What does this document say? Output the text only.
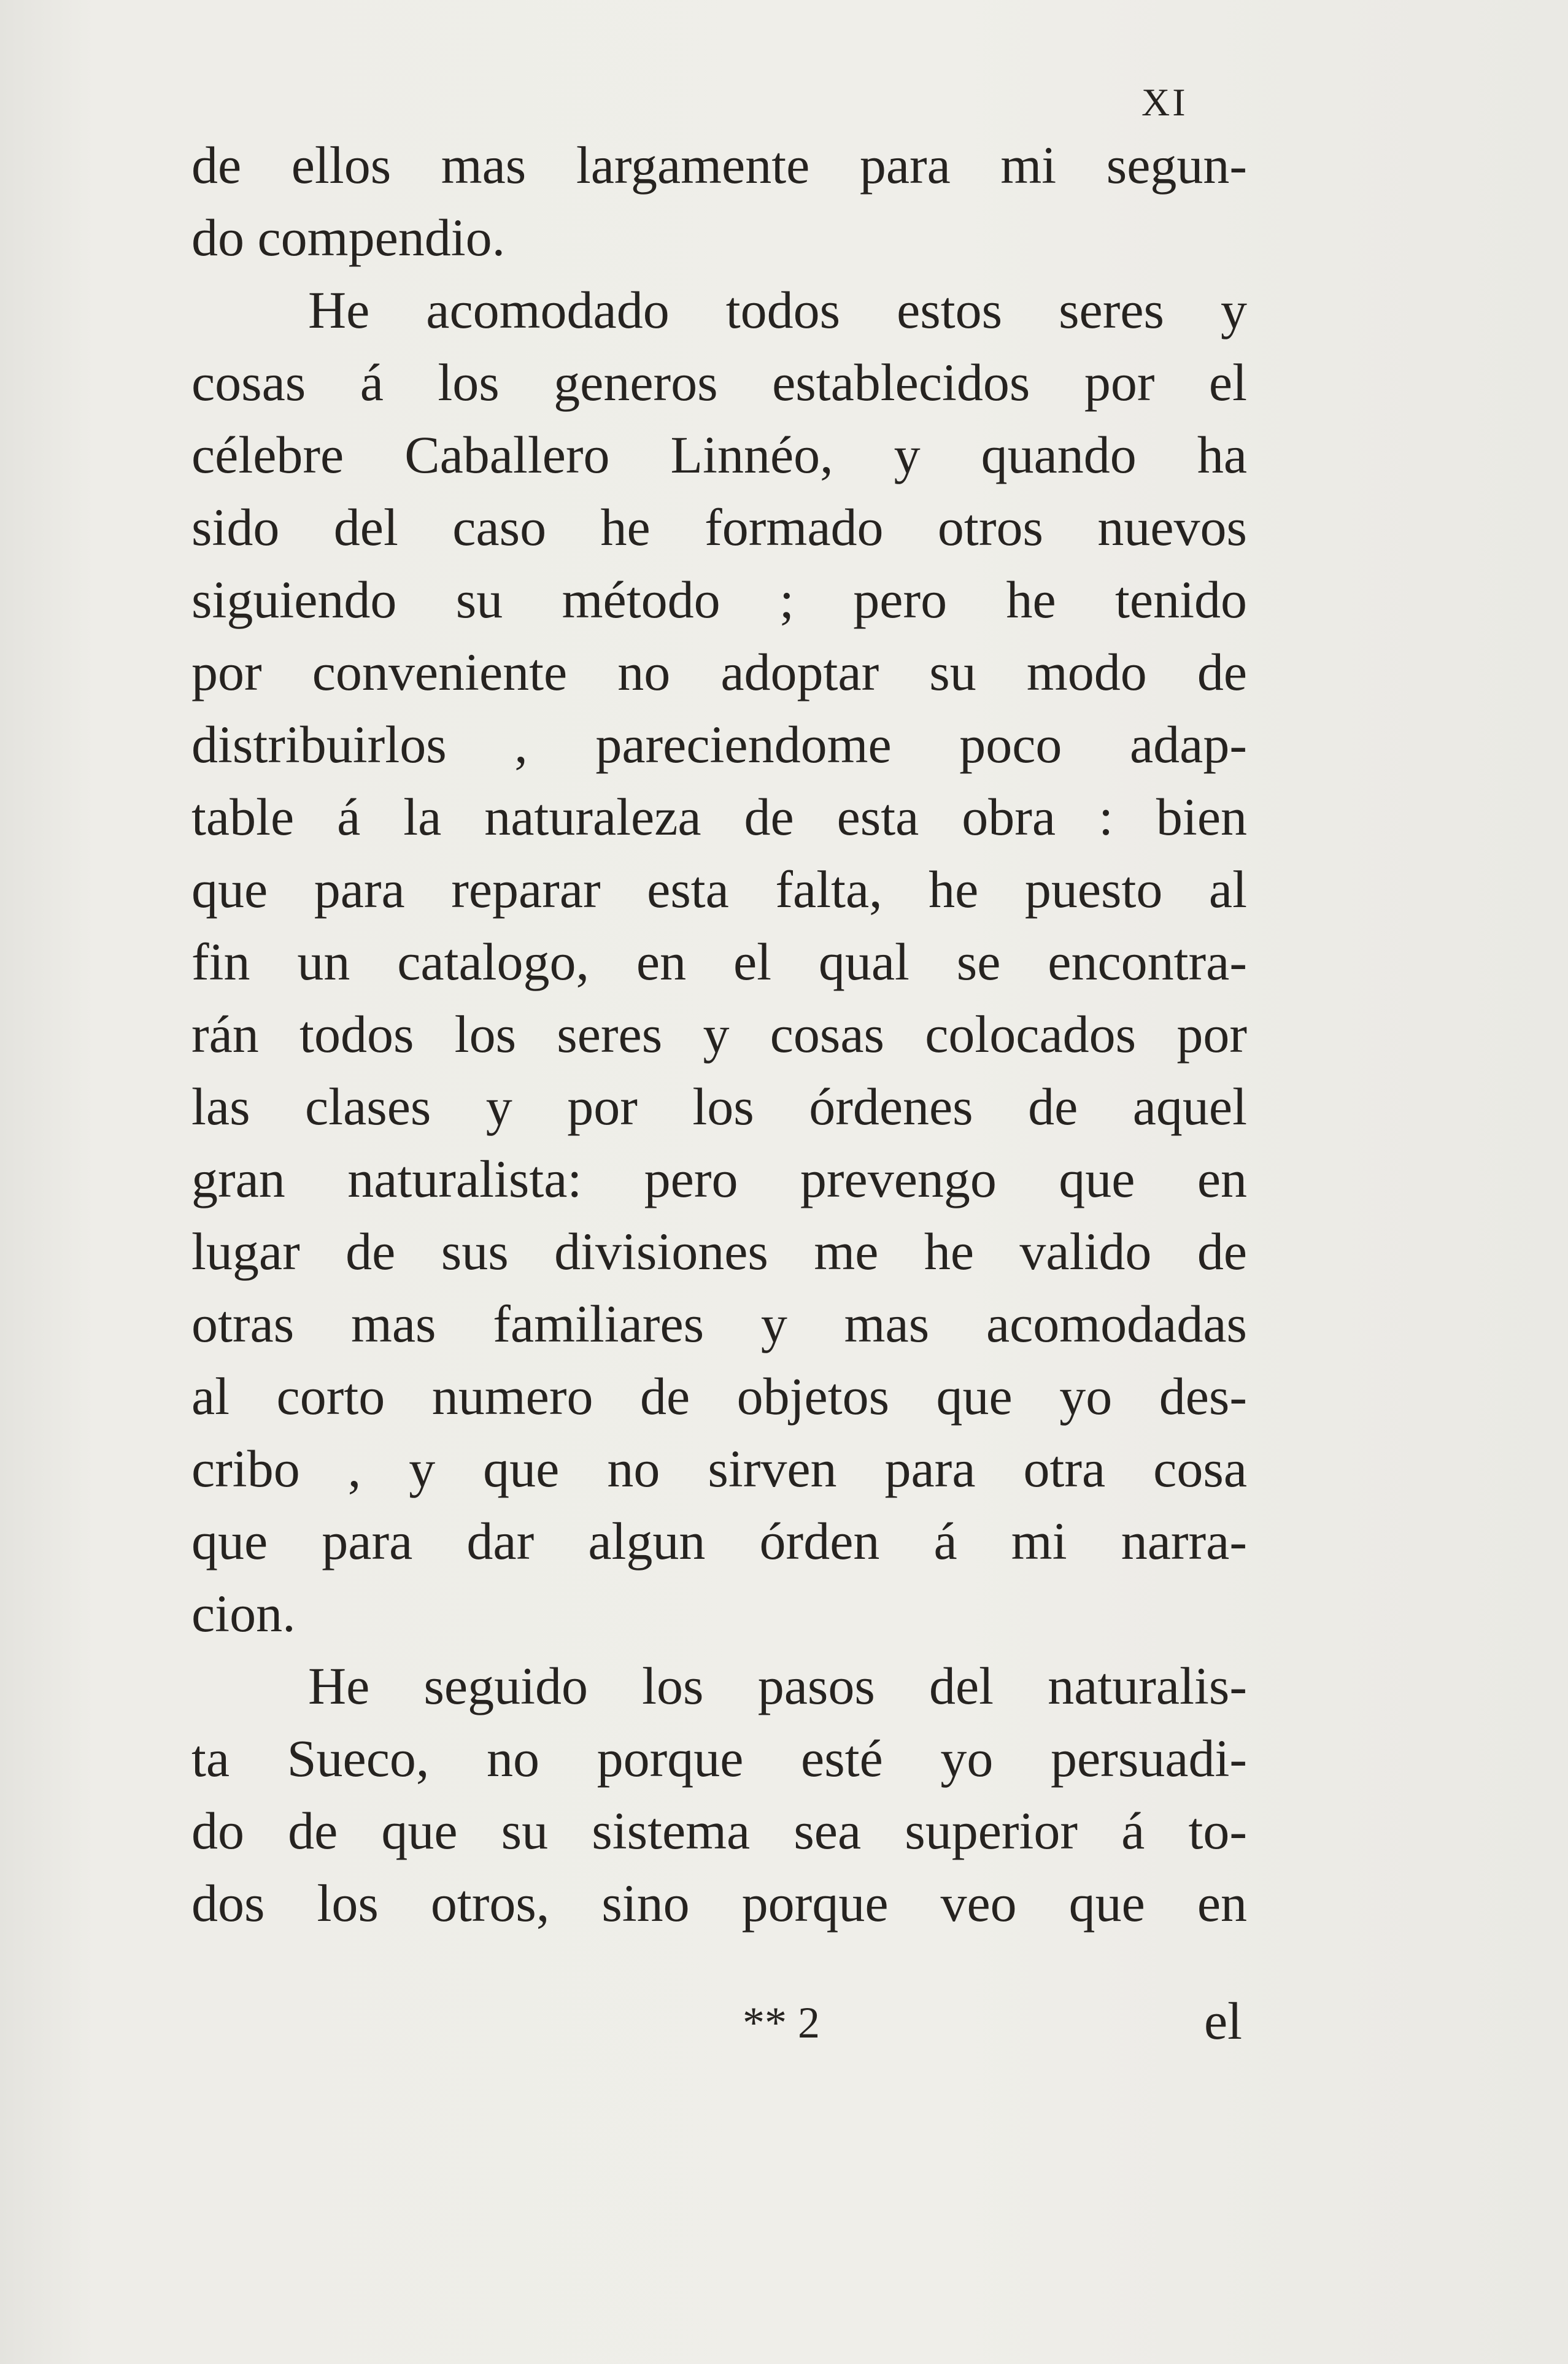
XI
de ellos mas largamente para mi segun-
do compendio.
He acomodado todos estos seres y
cosas á los generos establecidos por el
célebre Caballero Linnéo, y quando ha
sido del caso he formado otros nuevos
siguiendo su método ; pero he tenido
por conveniente no adoptar su modo de
distribuirlos , pareciendome poco adap-
table á la naturaleza de esta obra : bien
que para reparar esta falta, he puesto al
fin un catalogo, en el qual se encontra-
rán todos los seres y cosas colocados por
las clases y por los órdenes de aquel
gran naturalista: pero prevengo que en
lugar de sus divisiones me he valido de
otras mas familiares y mas acomodadas
al corto numero de objetos que yo des-
cribo , y que no sirven para otra cosa
que para dar algun órden á mi narra-
cion.
He seguido los pasos del naturalis-
ta Sueco, no porque esté yo persuadi-
do de que su sistema sea superior á to-
dos los otros, sino porque veo que en
** 2	el
